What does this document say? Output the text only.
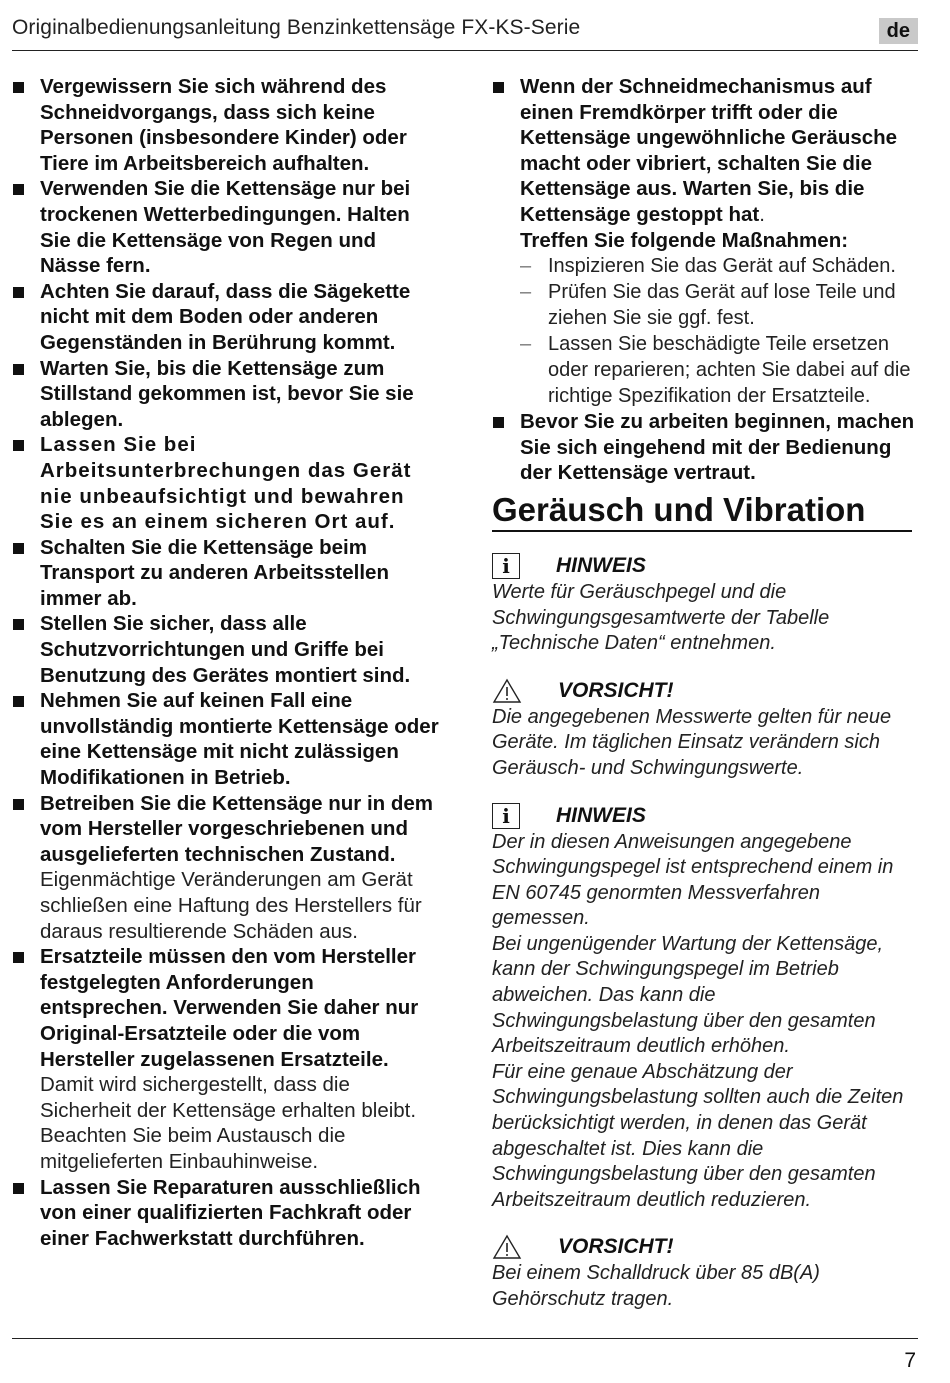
Originalbedienungsanleitung Benzinkettensäge FX-KS-Serie	de
Vergewissern Sie sich während des Schneidvorgangs, dass sich keine Personen (insbesondere Kinder) oder Tiere im Arbeitsbereich aufhalten.
Verwenden Sie die Kettensäge nur bei trockenen Wetterbedingungen. Halten Sie die Kettensäge von Regen und Nässe fern.
Achten Sie darauf, dass die Sägekette nicht mit dem Boden oder anderen Gegenständen in Berührung kommt.
Warten Sie, bis die Kettensäge zum Stillstand gekommen ist, bevor Sie sie ablegen.
Lassen Sie bei Arbeitsunterbrechungen das Gerät nie unbeaufsichtigt und bewahren Sie es an einem sicheren Ort auf.
Schalten Sie die Kettensäge beim Transport zu anderen Arbeitsstellen immer ab.
Stellen Sie sicher, dass alle Schutzvorrichtungen und Griffe bei Benutzung des Gerätes montiert sind.
Nehmen Sie auf keinen Fall eine unvollständig montierte Kettensäge oder eine Kettensäge mit nicht zulässigen Modifikationen in Betrieb.
Betreiben Sie die Kettensäge nur in dem vom Hersteller vorgeschriebenen und ausgelieferten technischen Zustand. Eigenmächtige Veränderungen am Gerät schließen eine Haftung des Herstellers für daraus resultierende Schäden aus.
Ersatzteile müssen den vom Hersteller festgelegten Anforderungen entsprechen. Verwenden Sie daher nur Original-Ersatzteile oder die vom Hersteller zugelassenen Ersatzteile. Damit wird sichergestellt, dass die Sicherheit der Kettensäge erhalten bleibt. Beachten Sie beim Austausch die mitgelieferten Einbauhinweise.
Lassen Sie Reparaturen ausschließlich von einer qualifizierten Fachkraft oder einer Fachwerkstatt durchführen.
Wenn der Schneidmechanismus auf einen Fremdkörper trifft oder die Kettensäge ungewöhnliche Geräusche macht oder vibriert, schalten Sie die Kettensäge aus. Warten Sie, bis die Kettensäge gestoppt hat.
Treffen Sie folgende Maßnahmen:
– Inspizieren Sie das Gerät auf Schäden.
– Prüfen Sie das Gerät auf lose Teile und ziehen Sie sie ggf. fest.
– Lassen Sie beschädigte Teile ersetzen oder reparieren; achten Sie dabei auf die richtige Spezifikation der Ersatzteile.
Bevor Sie zu arbeiten beginnen, machen Sie sich eingehend mit der Bedienung der Kettensäge vertraut.
Geräusch und Vibration
i	HINWEIS
Werte für Geräuschpegel und die Schwingungsgesamtwerte der Tabelle „Technische Daten“ entnehmen.
VORSICHT!
Die angegebenen Messwerte gelten für neue Geräte. Im täglichen Einsatz verändern sich Geräusch- und Schwingungswerte.
i	HINWEIS
Der in diesen Anweisungen angegebene Schwingungspegel ist entsprechend einem in EN 60745 genormten Messverfahren gemessen.
Bei ungenügender Wartung der Kettensäge, kann der Schwingungspegel im Betrieb abweichen. Das kann die Schwingungsbelastung über den gesamten Arbeitszeitraum deutlich erhöhen.
Für eine genaue Abschätzung der Schwingungsbelastung sollten auch die Zeiten berücksichtigt werden, in denen das Gerät abgeschaltet ist. Dies kann die Schwingungsbelastung über den gesamten Arbeitszeitraum deutlich reduzieren.
VORSICHT!
Bei einem Schalldruck über 85 dB(A) Gehörschutz tragen.
7
